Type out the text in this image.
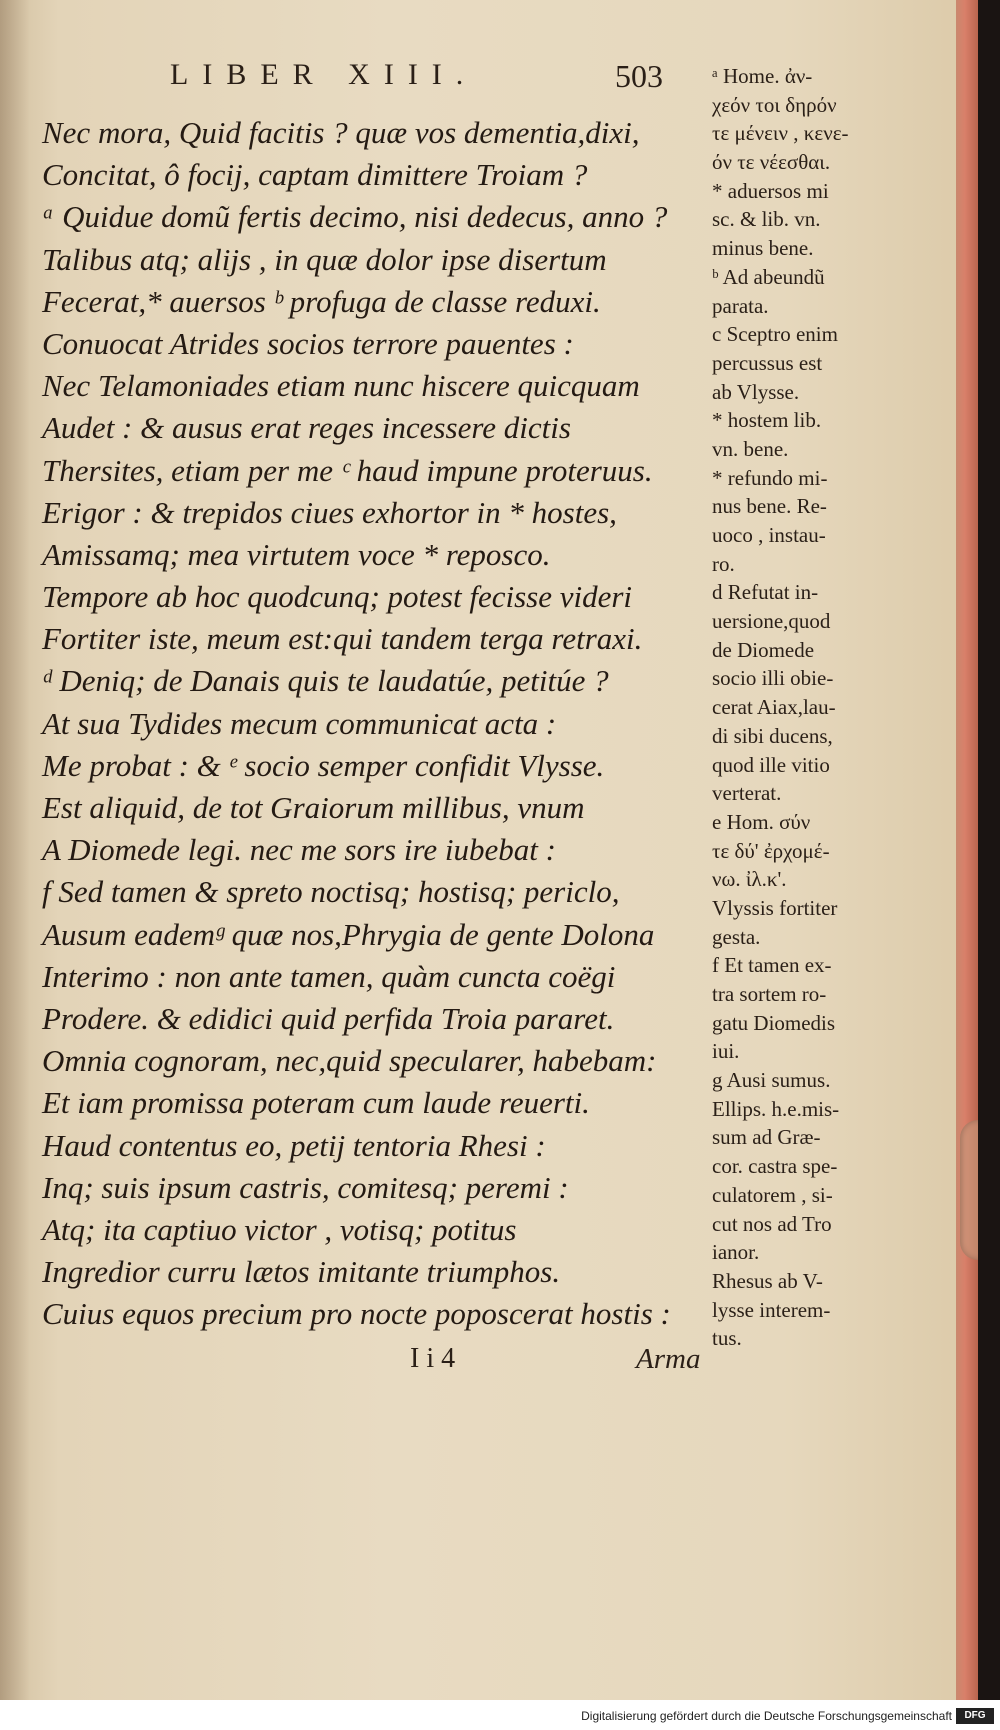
LIBER XIII.	503
Nec mora, Quid facitis ? quæ vos dementia,dixi,
Concitat, ô focij, captam dimittere Troiam ?
ᵃ Quidue domũ fertis decimo, nisi dedecus, anno ?
Talibus atq; alijs , in quæ dolor ipse disertum
Fecerat,* auersos ᵇ profuga de classe reduxi.
Conuocat Atrides socios terrore pauentes :
Nec Telamoniades etiam nunc hiscere quicquam
Audet : & ausus erat reges incessere dictis
Thersites, etiam per me ᶜ haud impune proteruus.
Erigor : & trepidos ciues exhortor in * hostes,
Amissamq; mea virtutem voce * reposco.
Tempore ab hoc quodcunq; potest fecisse videri
Fortiter iste, meum est:qui tandem terga retraxi.
ᵈ Deniq; de Danais quis te laudatúe, petitúe ?
At sua Tydides mecum communicat acta :
Me probat : & ᵉ socio semper confidit Vlysse.
Est aliquid, de tot Graiorum millibus, vnum
A Diomede legi. nec me sors ire iubebat :
f Sed tamen & spreto noctisq; hostisq; periclo,
Ausum eademᵍ quæ nos,Phrygia de gente Dolona
Interimo : non ante tamen, quàm cuncta coëgi
Prodere. & edidici quid perfida Troia pararet.
Omnia cognoram, nec,quid specularer, habebam:
Et iam promissa poteram cum laude reuerti.
Haud contentus eo, petij tentoria Rhesi :
Inq; suis ipsum castris, comitesq; peremi :
Atq; ita captiuo victor , votisq; potitus
Ingredior curru lætos imitante triumphos.
Cuius equos precium pro nocte poposcerat hostis :
I i 4	Arma
ᵃ Home. ἀν-
χεόν τοι δηρόν
τε μένειν , κενε-
όν τε νέεσθαι.
* aduersos mi
sc. & lib. vn.
minus bene.
ᵇ Ad abeundũ
parata.
c Sceptro enim
percussus est
ab Vlysse.
* hostem lib.
vn. bene.
* refundo mi-
nus bene. Re-
uoco , instau-
ro.
d Refutat in-
uersione,quod
de Diomede
socio illi obie-
cerat Aiax,lau-
di sibi ducens,
quod ille vitio
verterat.
e Hom. σύν
τε δύ' ἐρχομέ-
νω. ἰλ.κ'.
Vlyssis fortiter
gesta.
f Et tamen ex-
tra sortem ro-
gatu Diomedis
iui.
g Ausi sumus.
Ellips. h.e.mis-
sum ad Græ-
cor. castra spe-
culatorem , si-
cut nos ad Tro
ianor.
Rhesus ab V-
lysse interem-
tus.
Digitalisierung gefördert durch die Deutsche Forschungsgemeinschaft	DFG
